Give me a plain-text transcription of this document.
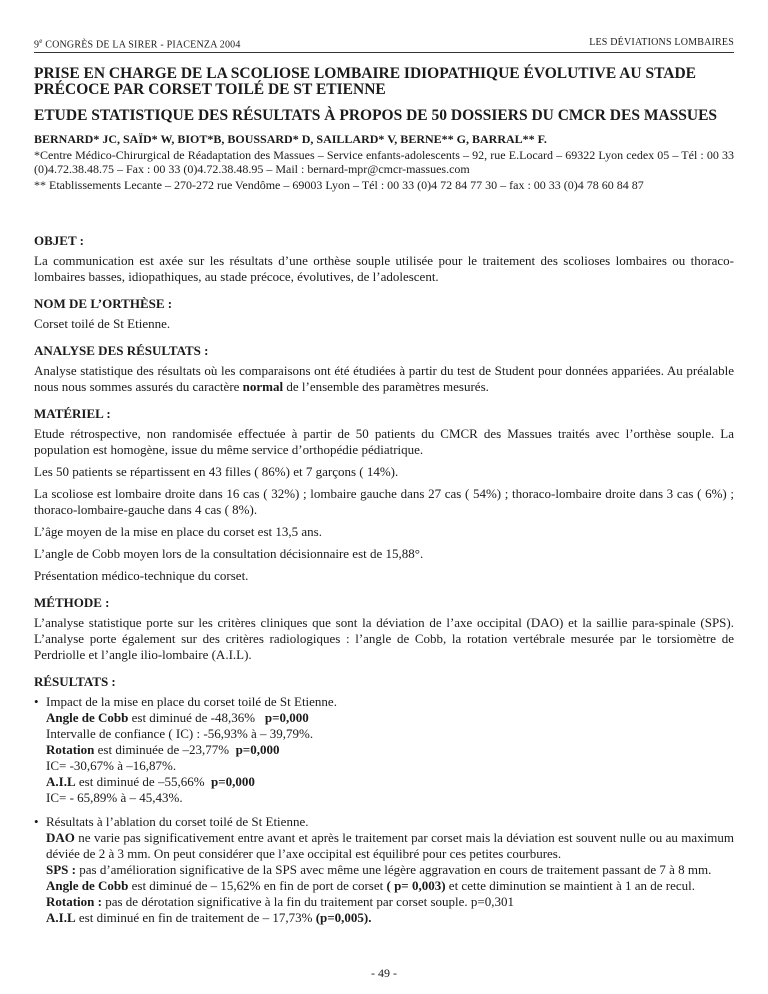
9e CONGRÈS DE LA SIRER - PIACENZA 2004	LES DÉVIATIONS LOMBAIRES
PRISE EN CHARGE DE LA SCOLIOSE LOMBAIRE IDIOPATHIQUE ÉVOLUTIVE AU STADE PRÉCOCE PAR CORSET TOILÉ DE ST ETIENNE
ETUDE STATISTIQUE DES RÉSULTATS À PROPOS DE 50 DOSSIERS DU CMCR DES MASSUES

BERNARD* JC, SAÏD* W, BIOT*B, BOUSSARD* D, SAILLARD* V, BERNE** G, BARRAL** F.

*Centre Médico-Chirurgical de Réadaptation des Massues – Service enfants-adolescents – 92, rue E.Locard – 69322 Lyon cedex 05 – Tél : 00 33 (0)4.72.38.48.75 – Fax : 00 33 (0)4.72.38.48.95 – Mail : bernard-mpr@cmcr-massues.com

** Etablissements Lecante – 270-272 rue Vendôme – 69003 Lyon – Tél : 00 33 (0)4 72 84 77 30 – fax : 00 33 (0)4 78 60 84 87

OBJET :

La communication est axée sur les résultats d’une orthèse souple utilisée pour le traitement des scolioses lombaires ou thoraco-lombaires basses, idiopathiques, au stade précoce, évolutives, de l’adolescent.

NOM DE L’ORTHÈSE :

Corset toilé de St Etienne.

ANALYSE DES RÉSULTATS :

Analyse statistique des résultats où les comparaisons ont été étudiées à partir du test de Student pour données appariées. Au préalable nous nous sommes assurés du caractère normal de l’ensemble des paramètres mesurés.

MATÉRIEL :

Etude rétrospective, non randomisée effectuée à partir de 50 patients du CMCR des Massues traités avec l’orthèse souple. La population est homogène, issue du même service d’orthopédie pédiatrique.

Les 50 patients se répartissent en 43 filles ( 86%) et 7 garçons ( 14%).

La scoliose est lombaire droite dans 16 cas ( 32%) ; lombaire gauche dans 27 cas ( 54%) ; thoraco-lombaire droite dans 3 cas ( 6%) ; thoraco-lombaire-gauche dans 4 cas ( 8%).

L’âge moyen de la mise en place du corset est 13,5 ans.

L’angle de Cobb moyen lors de la consultation décisionnaire est de 15,88°.

Présentation médico-technique du corset.

MÉTHODE :

L’analyse statistique porte sur les critères cliniques que sont la déviation de l’axe occipital (DAO) et la saillie para-spinale (SPS). L’analyse porte également sur des critères radiologiques : l’angle de Cobb, la rotation vertébrale mesurée par le torsiomètre de Perdriolle et l’angle ilio-lombaire (A.I.L).

RÉSULTATS :
• Impact de la mise en place du corset toilé de St Etienne.
Angle de Cobb est diminué de -48,36%   p=0,000
Intervalle de confiance ( IC) : -56,93% à – 39,79%.
Rotation est diminuée de –23,77%  p=0,000
IC= -30,67% à –16,87%.
A.I.L est diminué de –55,66%  p=0,000
IC= - 65,89% à – 45,43%.
• Résultats à l’ablation du corset toilé de St Etienne.
DAO ne varie pas significativement entre avant et après le traitement par corset mais la déviation est souvent nulle ou au maximum déviée de 2 à 3 mm. On peut considérer que l’axe occipital est équilibré pour ces petites courbures.
SPS : pas d’amélioration significative de la SPS avec même une légère aggravation en cours de traitement passant de 7 à 8 mm.
Angle de Cobb est diminué de – 15,62% en fin de port de corset ( p= 0,003) et cette diminution se maintient à 1 an de recul.
Rotation : pas de dérotation significative à la fin du traitement par corset souple. p=0,301
A.I.L est diminué en fin de traitement de – 17,73% (p=0,005).
- 49 -
